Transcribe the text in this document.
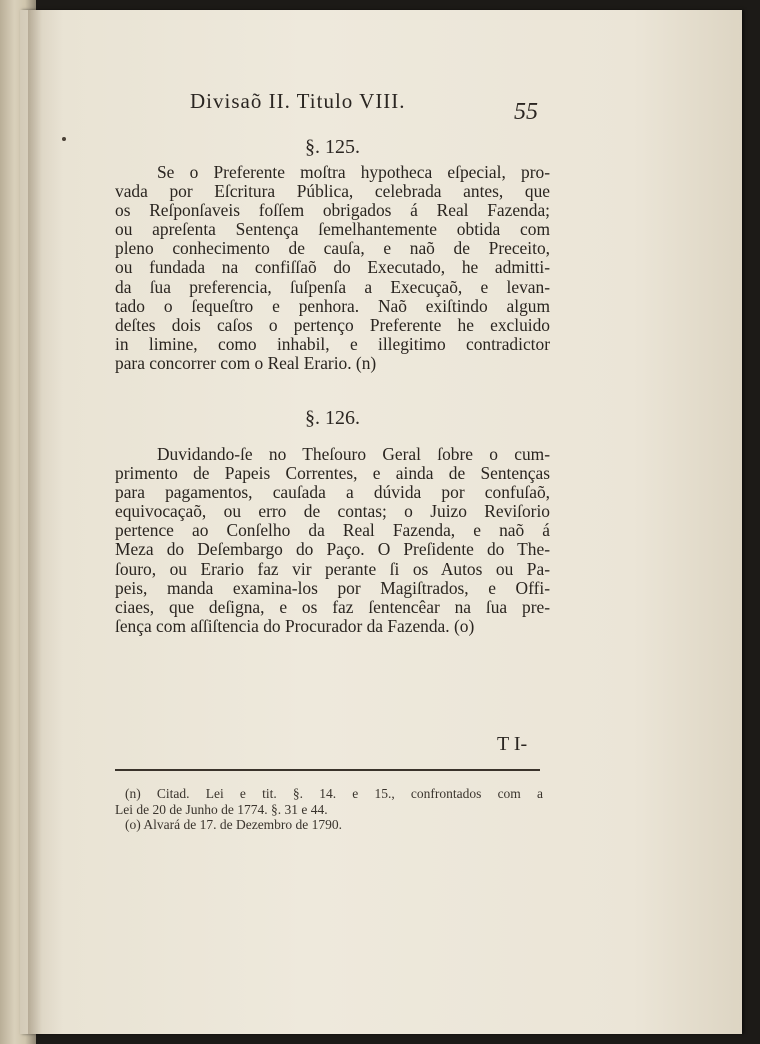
Divisaõ II. Titulo VIII.	55
§. 125.

Se o Preferente moſtra hypotheca eſpecial, pro-
vada por Eſcritura Pública, celebrada antes, que
os Reſponſaveis foſſem obrigados á Real Fazenda;
ou apreſenta Sentença ſemelhantemente obtida com
pleno conhecimento de cauſa, e naõ de Preceito,
ou fundada na confiſſaõ do Executado, he admitti-
da ſua preferencia, ſuſpenſa a Execuçaõ, e levan-
tado o ſequeſtro e penhora. Naõ exiſtindo algum
deſtes dois caſos o pertenço Preferente he excluido
in limine, como inhabil, e illegitimo contradictor
para concorrer com o Real Erario. (n)

§. 126.

Duvidando-ſe no Theſouro Geral ſobre o cum-
primento de Papeis Correntes, e ainda de Sentenças
para pagamentos, cauſada a dúvida por confuſaõ,
equivocaçaõ, ou erro de contas; o Juizo Reviſorio
pertence ao Conſelho da Real Fazenda, e naõ á
Meza do Deſembargo do Paço. O Preſidente do The-
ſouro, ou Erario faz vir perante ſi os Autos ou Pa-
peis, manda examina-los por Magiſtrados, e Offi-
ciaes, que deſigna, e os faz ſentencêar na ſua pre-
ſença com aſſiſtencia do Procurador da Fazenda. (o)

T I-
(n) Citad. Lei e tit. §. 14. e 15., confrontados com a
Lei de 20 de Junho de 1774. §. 31 e 44.
(o) Alvará de 17. de Dezembro de 1790.
